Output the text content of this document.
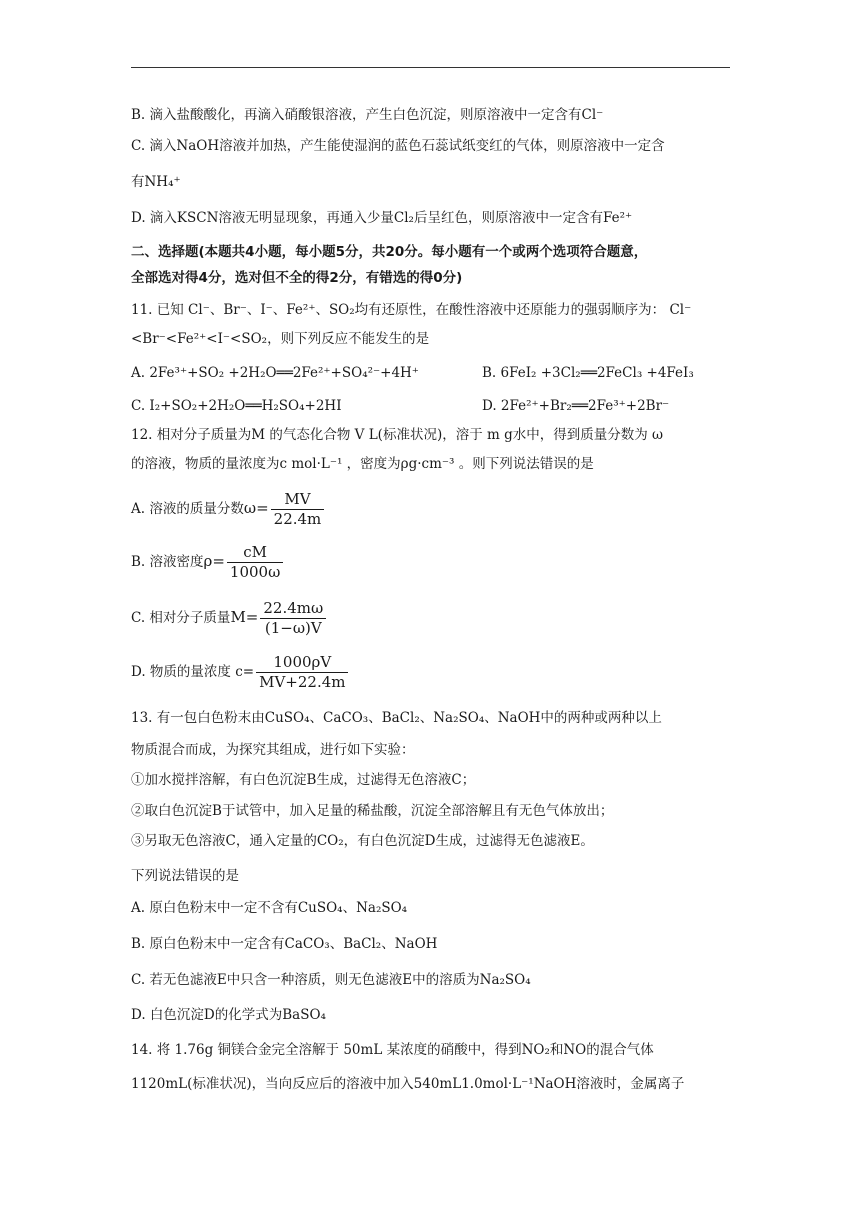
B. 滴入盐酸酸化，再滴入硝酸银溶液，产生白色沉淀，则原溶液中一定含有Cl⁻
C. 滴入NaOH溶液并加热，产生能使湿润的蓝色石蕊试纸变红的气体，则原溶液中一定含
有NH₄⁺
D. 滴入KSCN溶液无明显现象，再通入少量Cl₂后呈红色，则原溶液中一定含有Fe²⁺
二、选择题(本题共4小题，每小题5分，共20分。每小题有一个或两个选项符合题意，
全部选对得4分，选对但不全的得2分，有错选的得0分)
11. 已知 Cl⁻、Br⁻、I⁻、Fe²⁺、SO₂均有还原性，在酸性溶液中还原能力的强弱顺序为： Cl⁻
<Br⁻<Fe²⁺<I⁻<SO₂，则下列反应不能发生的是
A. 2Fe³⁺+SO₂ +2H₂O══2Fe²⁺+SO₄²⁻+4H⁺	B. 6FeI₂ +3Cl₂══2FeCl₃ +4FeI₃
C. I₂+SO₂+2H₂O══H₂SO₄+2HI	D. 2Fe²⁺+Br₂══2Fe³⁺+2Br⁻
12. 相对分子质量为M 的气态化合物 V L(标准状况)，溶于 m g水中，得到质量分数为 ω
的溶液，物质的量浓度为c mol·L⁻¹ ，密度为ρg·cm⁻³ 。则下列说法错误的是
A. 溶液的质量分数$\omega= \frac{MV}{22.4m}$
B. 溶液密度$\rho= \frac{cM}{1000\omega}$
C. 相对分子质量$M= \frac{22.4m\omega}{(1-\omega)V}$
D. 物质的量浓度 $c= \frac{1000\rho V}{MV+22.4m}$
13. 有一包白色粉末由CuSO₄、CaCO₃、BaCl₂、Na₂SO₄、NaOH中的两种或两种以上
物质混合而成，为探究其组成，进行如下实验：
①加水搅拌溶解，有白色沉淀B生成，过滤得无色溶液C；
②取白色沉淀B于试管中，加入足量的稀盐酸，沉淀全部溶解且有无色气体放出；
③另取无色溶液C，通入定量的CO₂，有白色沉淀D生成，过滤得无色滤液E。
下列说法错误的是
A. 原白色粉末中一定不含有CuSO₄、Na₂SO₄
B. 原白色粉末中一定含有CaCO₃、BaCl₂、NaOH
C. 若无色滤液E中只含一种溶质，则无色滤液E中的溶质为Na₂SO₄
D. 白色沉淀D的化学式为BaSO₄
14. 将 1.76g 铜镁合金完全溶解于 50mL 某浓度的硝酸中，得到NO₂和NO的混合气体
1120mL(标准状况)，当向反应后的溶液中加入540mL1.0mol·L⁻¹NaOH溶液时，金属离子
